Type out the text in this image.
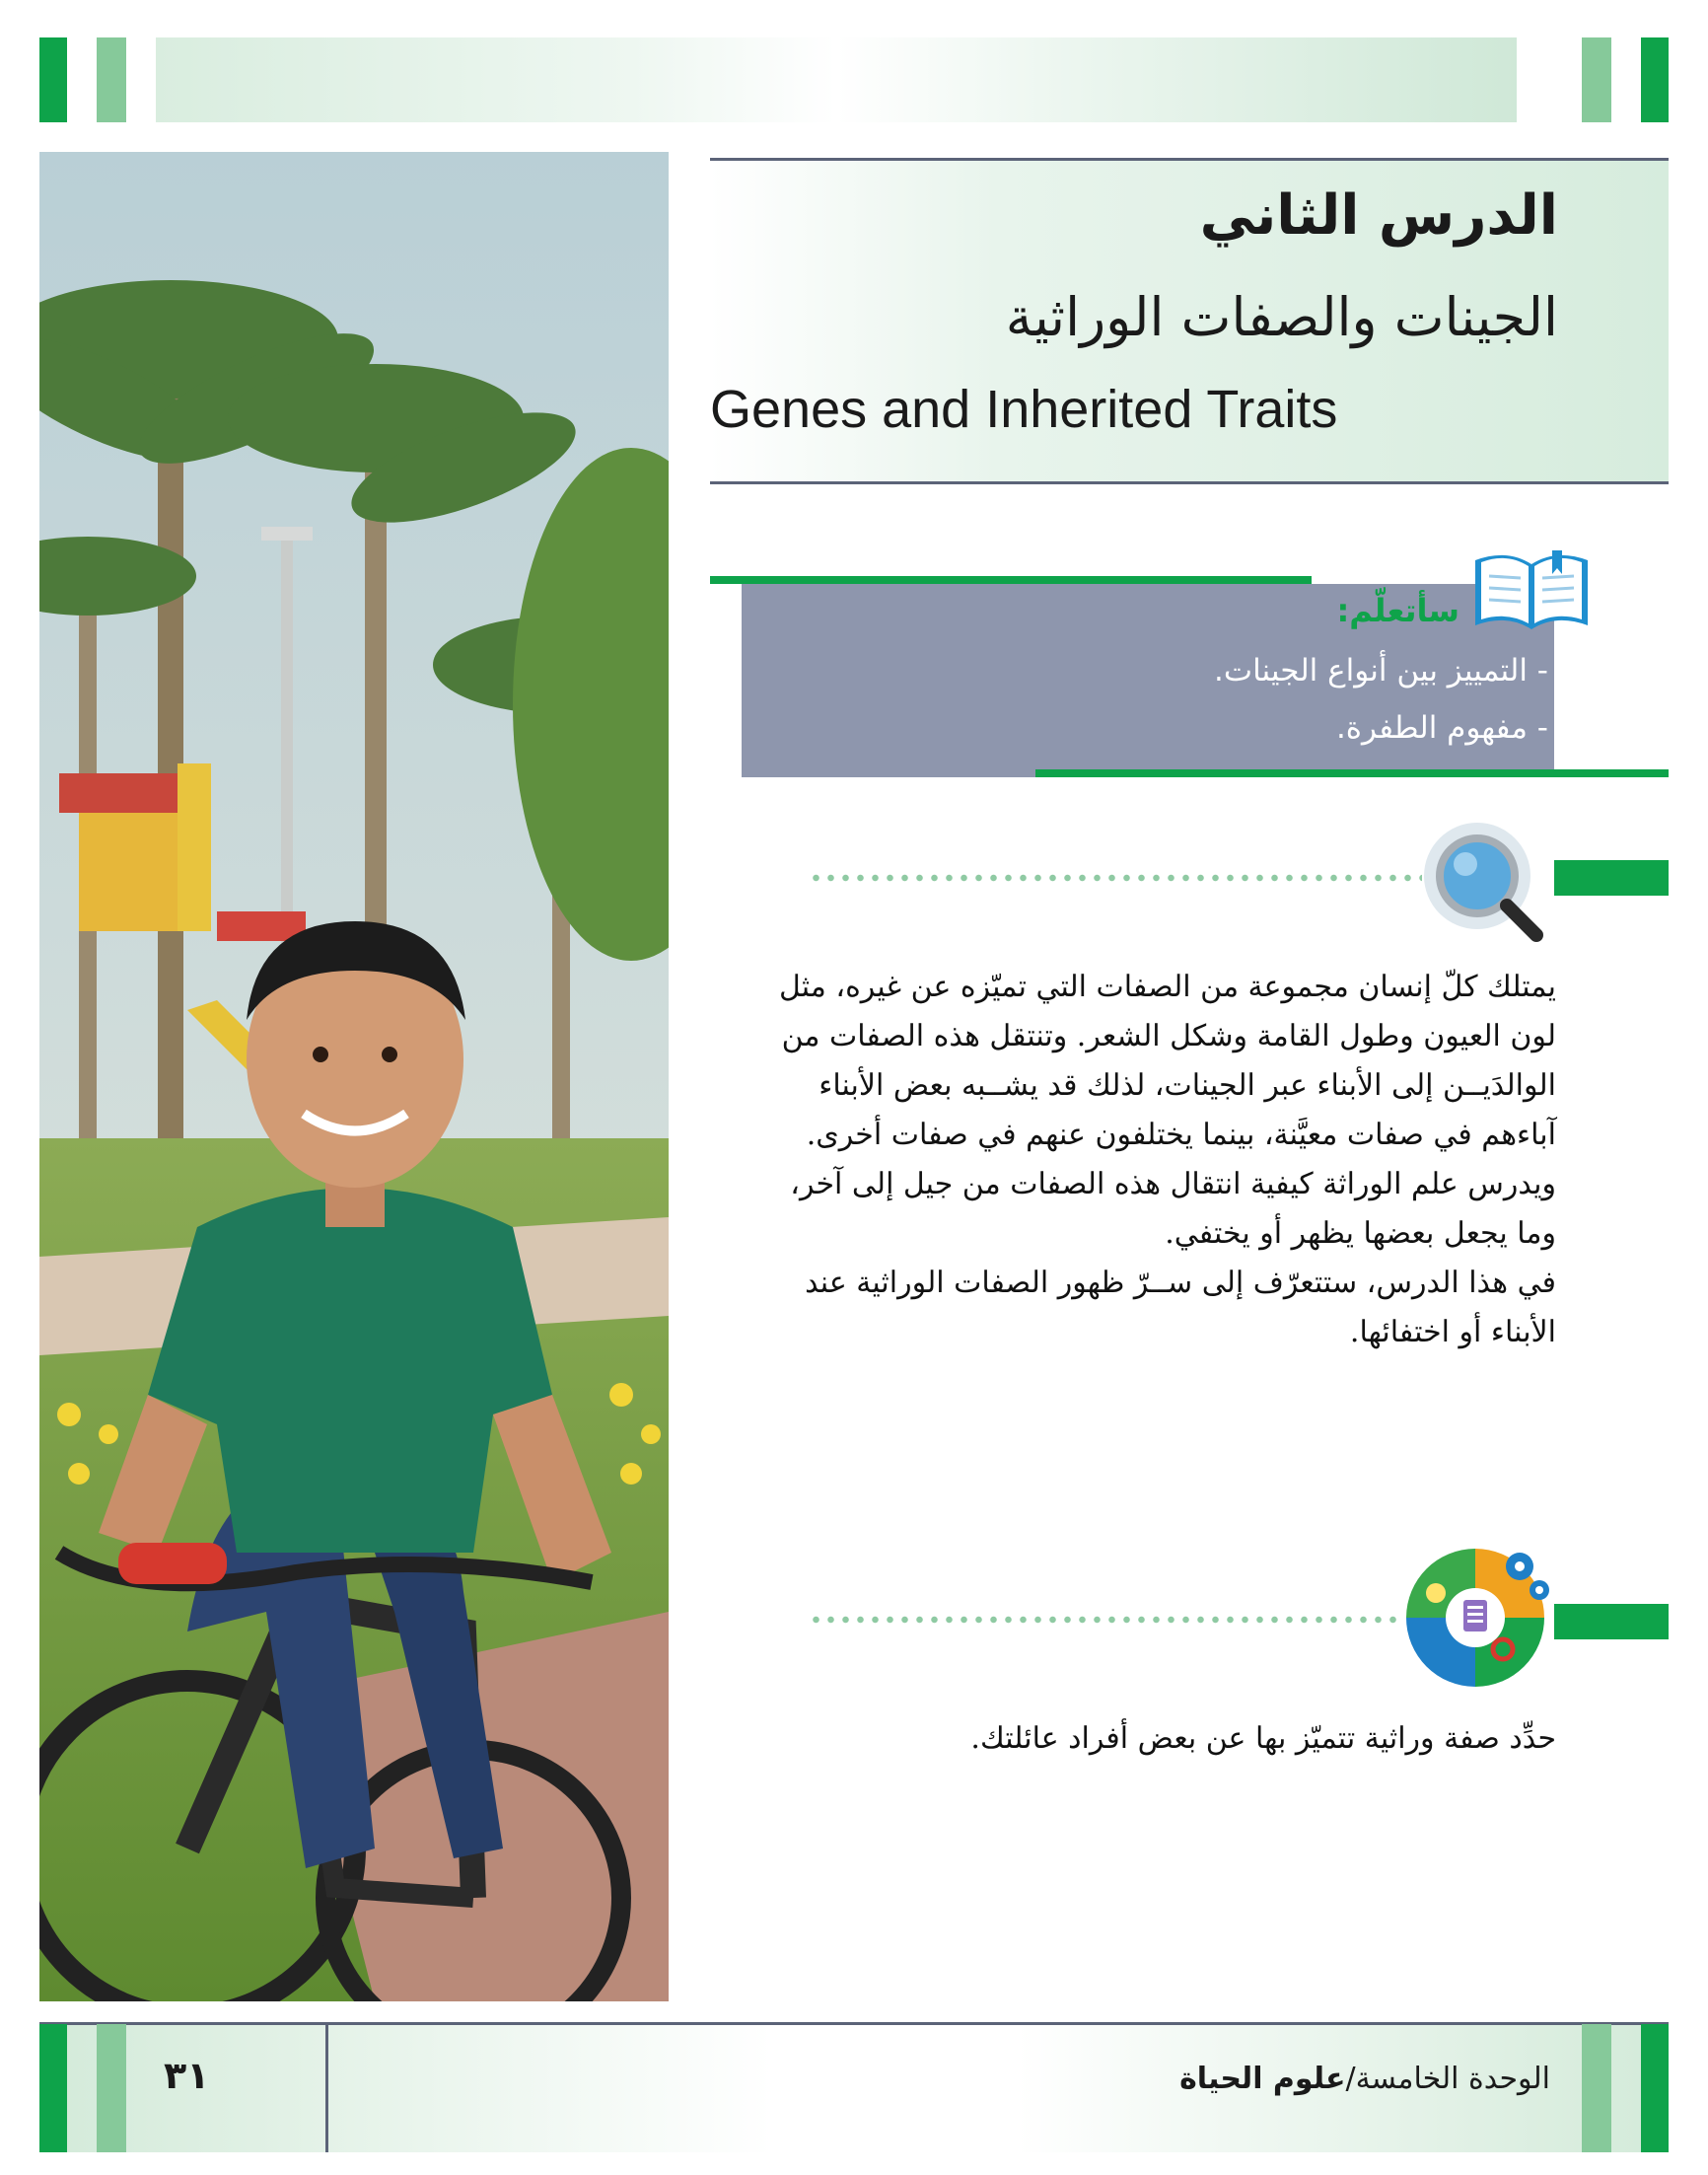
الدرس الثاني
الجينات والصفات الوراثية
Genes and Inherited Traits
سأتعلّم:
- التمييز بين أنواع الجينات.
- مفهوم الطفرة.
يمتلك كلّ إنسان مجموعة من الصفات التي تميّزه عن غيره، مثل
لون العيون وطول القامة وشكل الشعر. وتنتقل هذه الصفات من
الوالدَيــن إلى الأبناء عبر الجينات، لذلك قد يشــبه بعض الأبناء
آباءهم في صفات معيَّنة، بينما يختلفون عنهم في صفات أخرى.
ويدرس علم الوراثة كيفية انتقال هذه الصفات من جيل إلى آخر،
وما يجعل بعضها يظهر أو يختفي.
في هذا الدرس، ستتعرّف إلى ســرّ ظهور الصفات الوراثية عند
الأبناء أو اختفائها.
حدِّد صفة وراثية تتميّز بها عن بعض أفراد عائلتك.
٣١	الوحدة الخامسة/علوم الحياة
